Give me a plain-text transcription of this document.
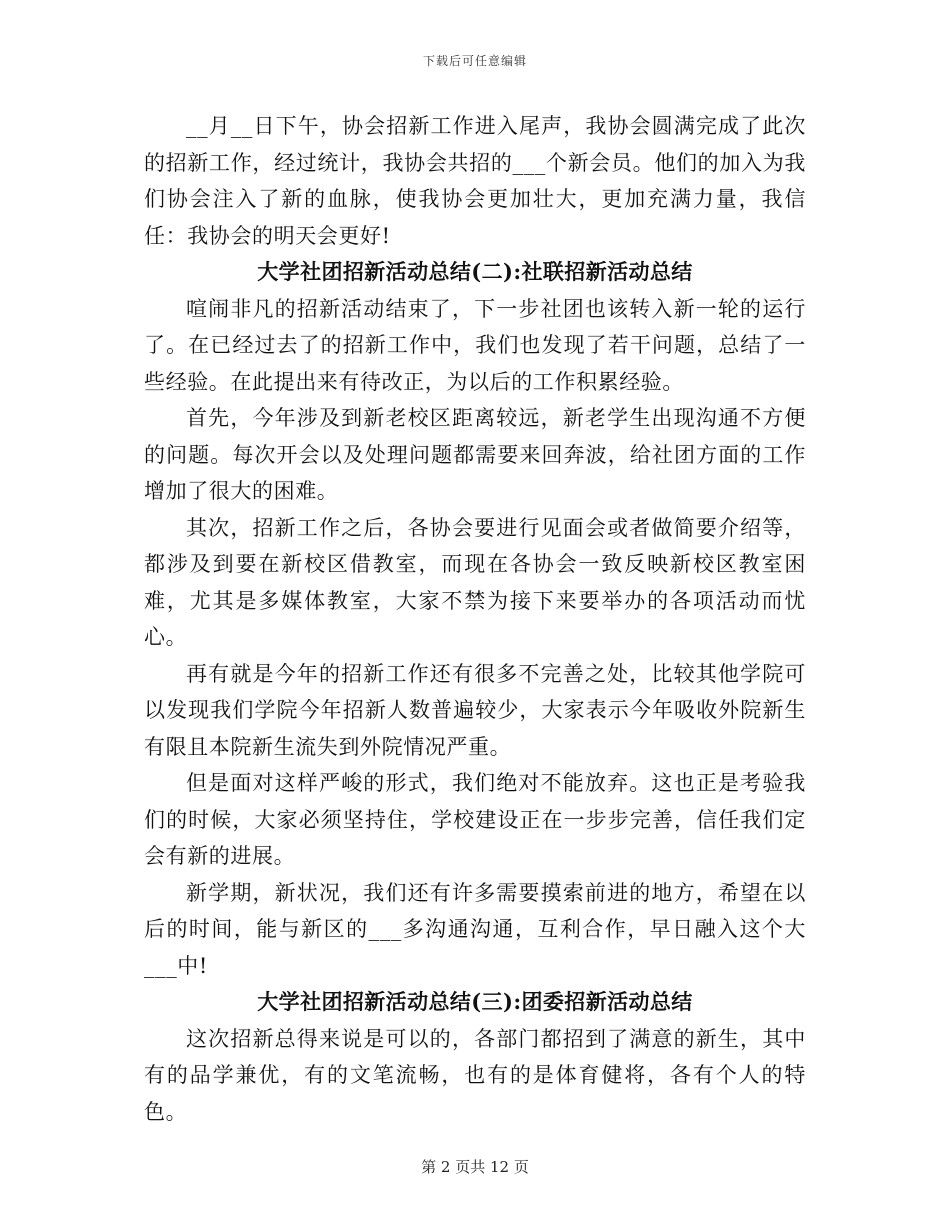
下载后可任意编辑

__月__日下午，协会招新工作进入尾声，我协会圆满完成了此次的招新工作，经过统计，我协会共招的___个新会员。他们的加入为我们协会注入了新的血脉，使我协会更加壮大，更加充满力量，我信任：我协会的明天会更好!

大学社团招新活动总结(二):社联招新活动总结

喧闹非凡的招新活动结束了，下一步社团也该转入新一轮的运行了。在已经过去了的招新工作中，我们也发现了若干问题，总结了一些经验。在此提出来有待改正，为以后的工作积累经验。

首先，今年涉及到新老校区距离较远，新老学生出现沟通不方便的问题。每次开会以及处理问题都需要来回奔波，给社团方面的工作增加了很大的困难。

其次，招新工作之后，各协会要进行见面会或者做简要介绍等，都涉及到要在新校区借教室，而现在各协会一致反映新校区教室困难，尤其是多媒体教室，大家不禁为接下来要举办的各项活动而忧心。

再有就是今年的招新工作还有很多不完善之处，比较其他学院可以发现我们学院今年招新人数普遍较少，大家表示今年吸收外院新生有限且本院新生流失到外院情况严重。

但是面对这样严峻的形式，我们绝对不能放弃。这也正是考验我们的时候，大家必须坚持住，学校建设正在一步步完善，信任我们定会有新的进展。

新学期，新状况，我们还有许多需要摸索前进的地方，希望在以后的时间，能与新区的___多沟通沟通，互利合作，早日融入这个大___中!

大学社团招新活动总结(三):团委招新活动总结

这次招新总得来说是可以的，各部门都招到了满意的新生，其中有的品学兼优，有的文笔流畅，也有的是体育健将，各有个人的特色。

第 2 页共 12 页
